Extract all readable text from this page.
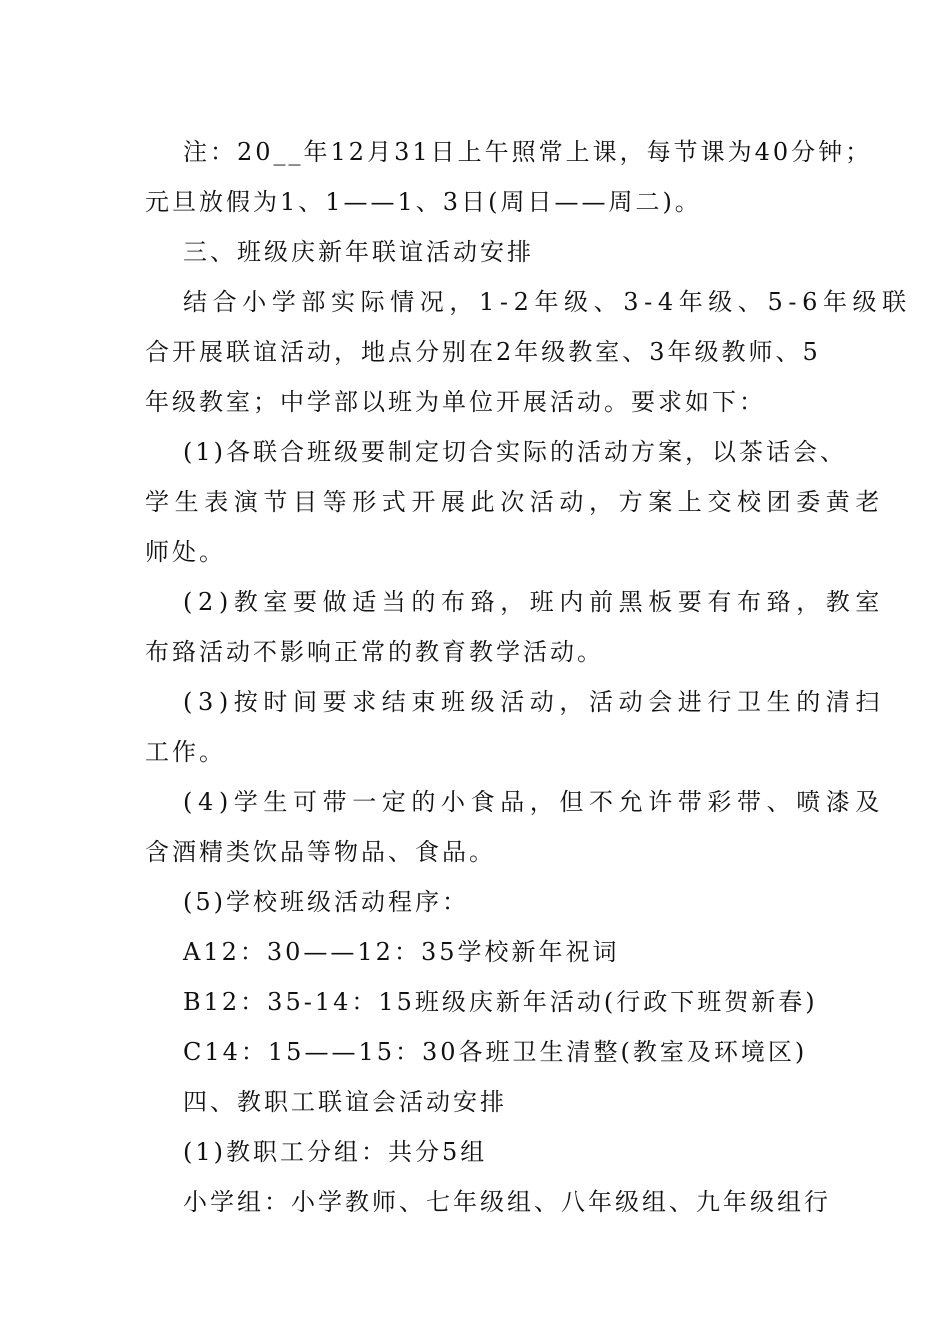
注：20__年12月31日上午照常上课，每节课为40分钟；
元旦放假为1、1——1、3日(周日——周二)。
三、班级庆新年联谊活动安排
结合小学部实际情况，1-2年级、3-4年级、5-6年级联
合开展联谊活动，地点分别在2年级教室、3年级教师、5
年级教室；中学部以班为单位开展活动。要求如下：
(1)各联合班级要制定切合实际的活动方案，以茶话会、
学生表演节目等形式开展此次活动，方案上交校团委黄老
师处。
(2)教室要做适当的布臵，班内前黑板要有布臵，教室
布臵活动不影响正常的教育教学活动。
(3)按时间要求结束班级活动，活动会进行卫生的清扫
工作。
(4)学生可带一定的小食品，但不允许带彩带、喷漆及
含酒精类饮品等物品、食品。
(5)学校班级活动程序：
A12：30——12：35学校新年祝词
B12：35-14：15班级庆新年活动(行政下班贺新春)
C14：15——15：30各班卫生清整(教室及环境区)
四、教职工联谊会活动安排
(1)教职工分组：共分5组
小学组：小学教师、七年级组、八年级组、九年级组行
